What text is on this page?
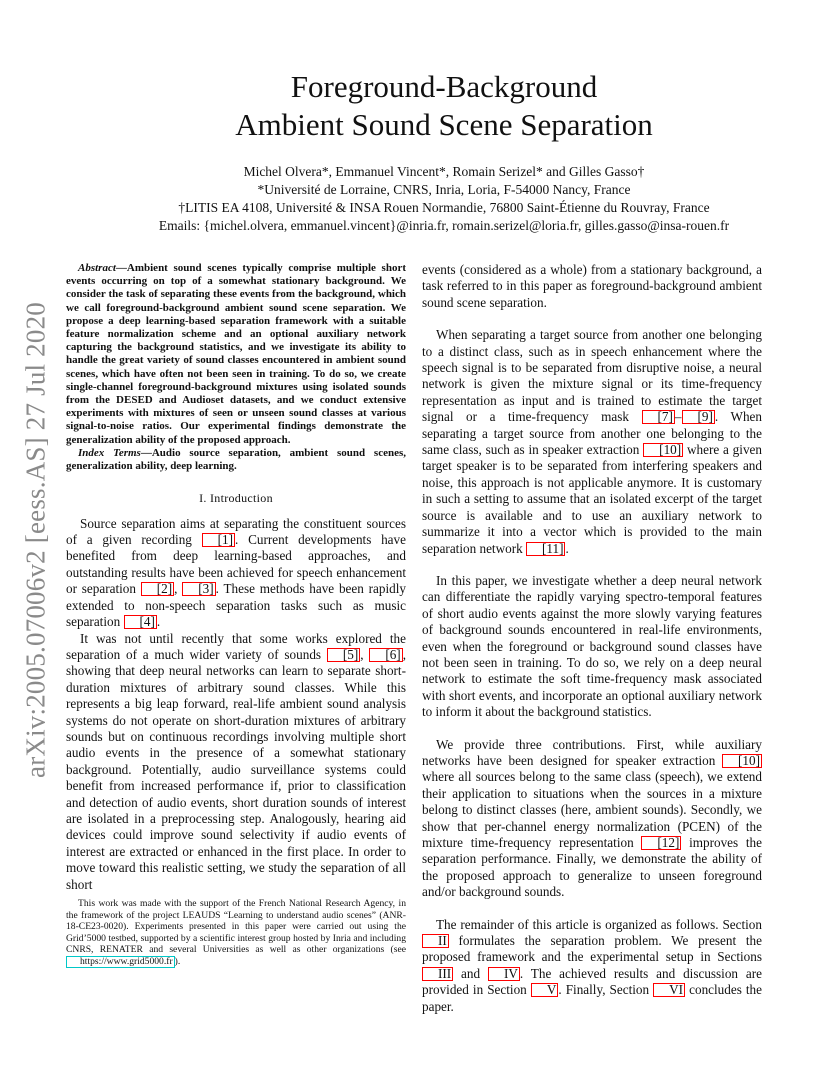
arXiv:2005.07006v2 [eess.AS] 27 Jul 2020
Foreground-Background
Ambient Sound Scene Separation
Michel Olvera*, Emmanuel Vincent*, Romain Serizel* and Gilles Gasso†
*Université de Lorraine, CNRS, Inria, Loria, F-54000 Nancy, France
†LITIS EA 4108, Université & INSA Rouen Normandie, 76800 Saint-Étienne du Rouvray, France
Emails: {michel.olvera, emmanuel.vincent}@inria.fr, romain.serizel@loria.fr, gilles.gasso@insa-rouen.fr
Abstract—Ambient sound scenes typically comprise multiple short events occurring on top of a somewhat stationary background. We consider the task of separating these events from the background, which we call foreground-background ambient sound scene separation. We propose a deep learning-based separation framework with a suitable feature normalization scheme and an optional auxiliary network capturing the background statistics, and we investigate its ability to handle the great variety of sound classes encountered in ambient sound scenes, which have often not been seen in training. To do so, we create single-channel foreground-background mixtures using isolated sounds from the DESED and Audioset datasets, and we conduct extensive experiments with mixtures of seen or unseen sound classes at various signal-to-noise ratios. Our experimental findings demonstrate the generalization ability of the proposed approach.
Index Terms—Audio source separation, ambient sound scenes, generalization ability, deep learning.
I. Introduction

Source separation aims at separating the constituent sources of a given recording [1] . Current developments have benefited from deep learning-based approaches, and outstanding results have been achieved for speech enhancement or separation [2] , [3] . These methods have been rapidly extended to non-speech separation tasks such as music separation [4] .

It was not until recently that some works explored the separation of a much wider variety of sounds [5] , [6] , showing that deep neural networks can learn to separate short-duration mixtures of arbitrary sound classes. While this represents a big leap forward, real-life ambient sound analysis systems do not operate on short-duration mixtures of arbitrary sounds but on continuous recordings involving multiple short audio events in the presence of a somewhat stationary background. Potentially, audio surveillance systems could benefit from increased performance if, prior to classification and detection of audio events, short duration sounds of interest are isolated in a preprocessing step. Analogously, hearing aid devices could improve sound selectivity if audio events of interest are extracted or enhanced in the first place. In order to move toward this realistic setting, we study the separation of all short

This work was made with the support of the French National Research Agency, in the framework of the project LEAUDS “Learning to understand audio scenes” (ANR-18-CE23-0020). Experiments presented in this paper were carried out using the Grid’5000 testbed, supported by a scientific interest group hosted by Inria and including CNRS, RENATER and several Universities as well as other organizations (see https://www.grid5000.fr ).

events (considered as a whole) from a stationary background, a task referred to in this paper as foreground-background ambient sound scene separation.

When separating a target source from another one belonging to a distinct class, such as in speech enhancement where the speech signal is to be separated from disruptive noise, a neural network is given the mixture signal or its time-frequency representation as input and is trained to estimate the target signal or a time-frequency mask [7] – [9] . When separating a target source from another one belonging to the same class, such as in speaker extraction [10] where a given target speaker is to be separated from interfering speakers and noise, this approach is not applicable anymore. It is customary in such a setting to assume that an isolated excerpt of the target source is available and to use an auxiliary network to summarize it into a vector which is provided to the main separation network [11] .

In this paper, we investigate whether a deep neural network can differentiate the rapidly varying spectro-temporal features of short audio events against the more slowly varying features of background sounds encountered in real-life environments, even when the foreground or background sound classes have not been seen in training. To do so, we rely on a deep neural network to estimate the soft time-frequency mask associated with short events, and incorporate an optional auxiliary network to inform it about the background statistics.

We provide three contributions. First, while auxiliary networks have been designed for speaker extraction [10] where all sources belong to the same class (speech), we extend their application to situations when the sources in a mixture belong to distinct classes (here, ambient sounds). Secondly, we show that per-channel energy normalization (PCEN) of the mixture time-frequency representation [12] improves the separation performance. Finally, we demonstrate the ability of the proposed approach to generalize to unseen foreground and/or background sounds.

The remainder of this article is organized as follows. Section II formulates the separation problem. We present the proposed framework and the experimental setup in Sections III and IV . The achieved results and discussion are provided in Section V . Finally, Section VI concludes the paper.
